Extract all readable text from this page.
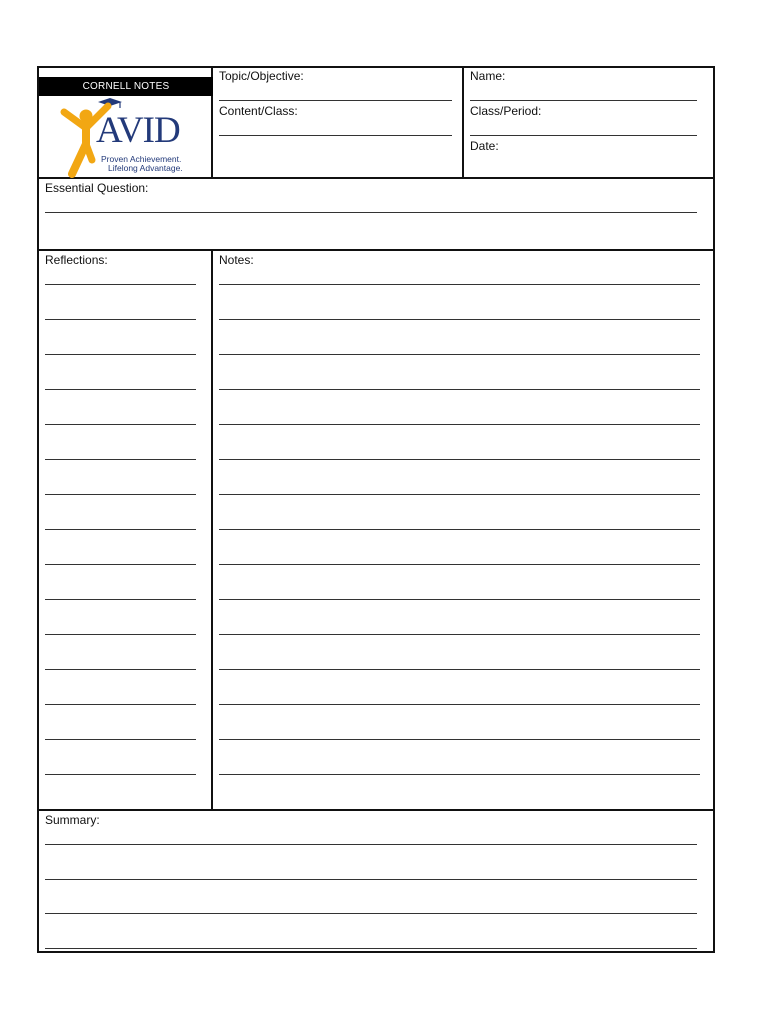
CORNELL NOTES
AVID
Proven Achievement.
Lifelong Advantage.
Topic/Objective:
Content/Class:
Name:
Class/Period:
Date:
Essential Question:
Reflections:	Notes:
Summary:
